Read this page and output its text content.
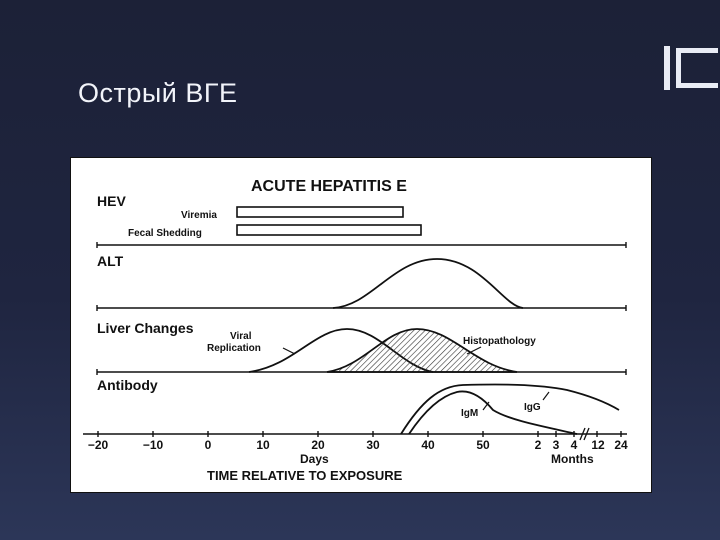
Острый ВГЕ
ACUTE HEPATITIS E
HEV
Viremia
Fecal Shedding
ALT
Liver Changes
Viral
Replication
Histopathology
Antibody
IgM
IgG
−20	−10	0	10	20	30	40	50	2 3 4 12 24
Days	Months
TIME RELATIVE TO EXPOSURE
